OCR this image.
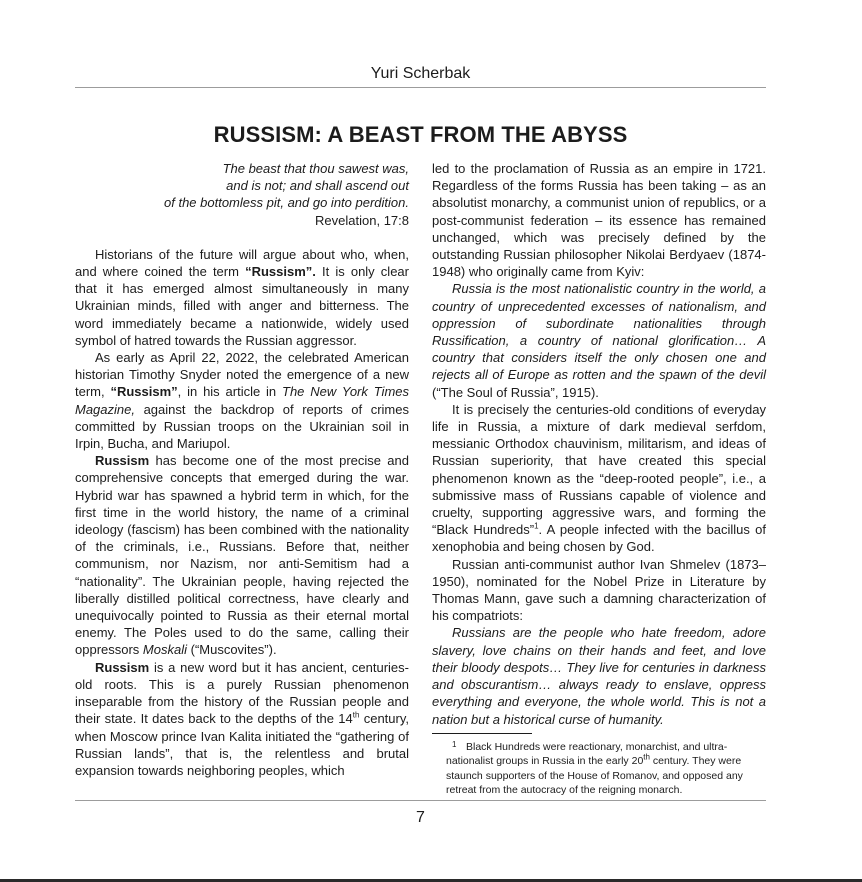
Yuri Scherbak
RUSSISM: A BEAST FROM THE ABYSS
The beast that thou sawest was,
and is not; and shall ascend out
of the bottomless pit, and go into perdition.
Revelation, 17:8

Historians of the future will argue about who, when, and where coined the term “Russism”. It is only clear that it has emerged almost simultaneously in many Ukrainian minds, filled with anger and bitterness. The word immediately became a nationwide, widely used symbol of hatred towards the Russian aggressor.

As early as April 22, 2022, the celebrated American historian Timothy Snyder noted the emergence of a new term, “Russism”, in his article in The New York Times Magazine, against the backdrop of reports of crimes committed by Russian troops on the Ukrainian soil in Irpin, Bucha, and Mariupol.

Russism has become one of the most precise and comprehensive concepts that emerged during the war. Hybrid war has spawned a hybrid term in which, for the first time in the world history, the name of a criminal ideology (fascism) has been combined with the nationality of the criminals, i.e., Russians. Before that, neither communism, nor Nazism, nor anti-Semitism had a “nationality”. The Ukrainian people, having rejected the liberally distilled political correctness, have clearly and unequivocally pointed to Russia as their eternal mortal enemy. The Poles used to do the same, calling their oppressors Moskali (“Muscovites”).

Russism is a new word but it has ancient, centuries-old roots. This is a purely Russian phenomenon inseparable from the history of the Russian people and their state. It dates back to the depths of the 14th century, when Moscow prince Ivan Kalita initiated the “gathering of Russian lands”, that is, the relentless and brutal expansion towards neighboring peoples, which

led to the proclamation of Russia as an empire in 1721. Regardless of the forms Russia has been taking – as an absolutist monarchy, a communist union of republics, or a post-communist federation – its essence has remained unchanged, which was precisely defined by the outstanding Russian philosopher Nikolai Berdyaev (1874-1948) who originally came from Kyiv:

Russia is the most nationalistic country in the world, a country of unprecedented excesses of nationalism, and oppression of subordinate nationalities through Russification, a country of national glorification… A country that considers itself the only chosen one and rejects all of Europe as rotten and the spawn of the devil (“The Soul of Russia”, 1915).

It is precisely the centuries-old conditions of everyday life in Russia, a mixture of dark medieval serfdom, messianic Orthodox chauvinism, militarism, and ideas of Russian superiority, that have created this special phenomenon known as the “deep-rooted people”, i.e., a submissive mass of Russians capable of violence and cruelty, supporting aggressive wars, and forming the “Black Hundreds”$^1$. A people infected with the bacillus of xenophobia and being chosen by God.

Russian anti-communist author Ivan Shmelev (1873–1950), nominated for the Nobel Prize in Literature by Thomas Mann, gave such a damning characterization of his compatriots:

Russians are the people who hate freedom, adore slavery, love chains on their hands and feet, and love their bloody despots… They live for centuries in darkness and obscurantism… always ready to enslave, oppress everything and everyone, the whole world. This is not a nation but a historical curse of humanity.

1 Black Hundreds were reactionary, monarchist, and ultra-nationalist groups in Russia in the early 20th century. They were staunch supporters of the House of Romanov, and opposed any retreat from the autocracy of the reigning monarch.

7
